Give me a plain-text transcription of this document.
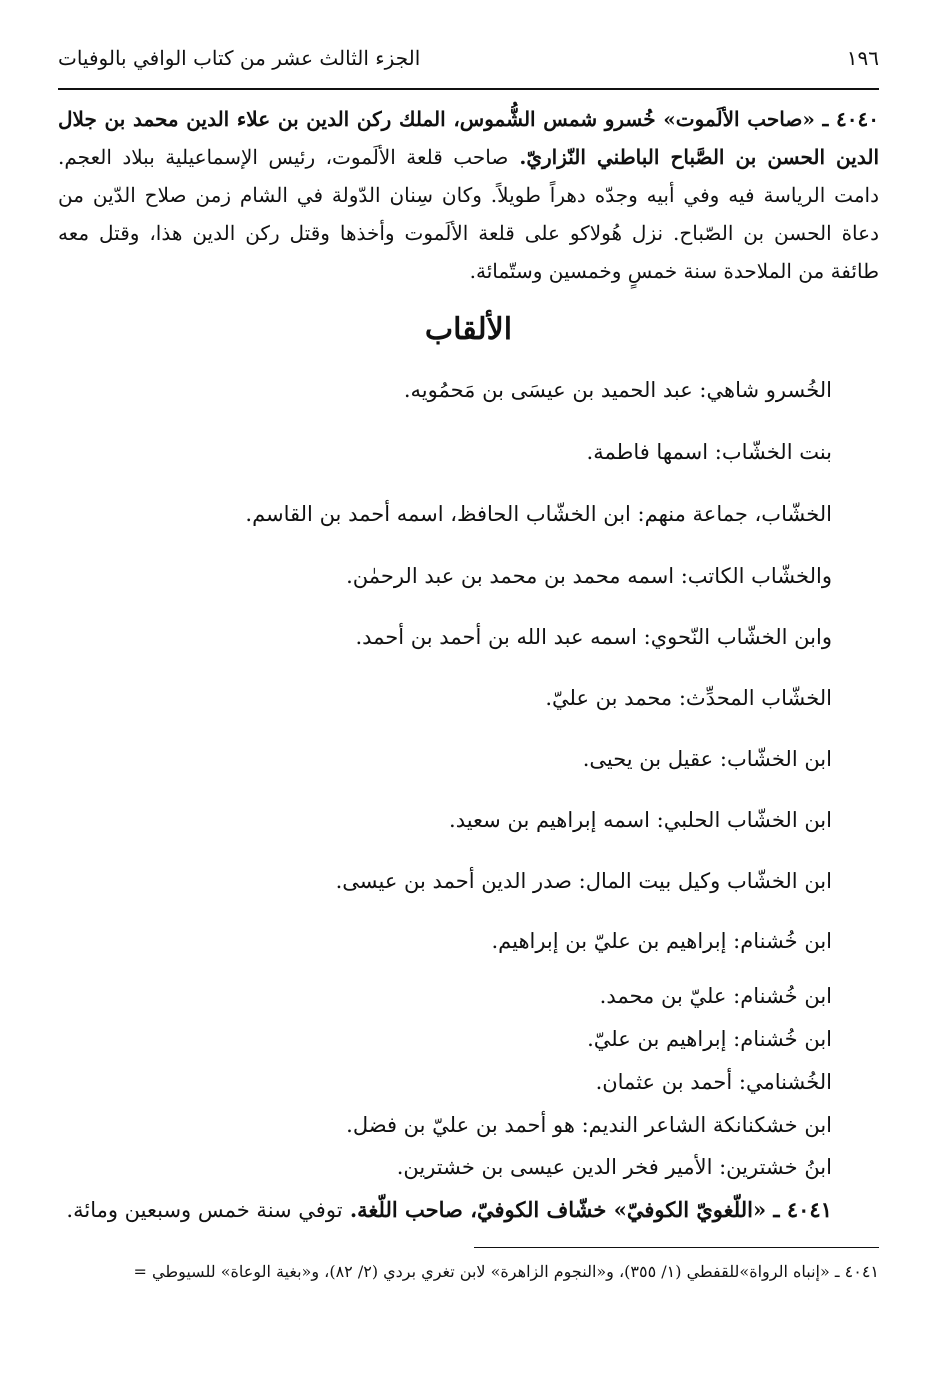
١٩٦
الجزء الثالث عشر من كتاب الوافي بالوفيات
٤٠٤٠ ـ «صاحب الألَموت» خُسرو شمس الشُّموس، الملك ركن الدين بن علاء الدين محمد بن جلال الدين الحسن بن الصَّباح الباطني النّزاريّ. صاحب قلعة الألَموت، رئيس الإسماعيلية ببلاد العجم. دامت الرياسة فيه وفي أبيه وجدّه دهراً طويلاً. وكان سِنان الدّولة في الشام زمن صلاح الدّين من دعاة الحسن بن الصّباح. نزل هُولاكو على قلعة الألَموت وأخذها وقتل ركن الدين هذا، وقتل معه طائفة من الملاحدة سنة خمسٍ وخمسين وستّمائة.
الألقاب
الخُسرو شاهي: عبد الحميد بن عيسَى بن مَحمُويه.
بنت الخشّاب: اسمها فاطمة.
الخشّاب، جماعة منهم: ابن الخشّاب الحافظ، اسمه أحمد بن القاسم.
والخشّاب الكاتب: اسمه محمد بن محمد بن عبد الرحمٰن.
وابن الخشّاب النّحوي: اسمه عبد الله بن أحمد بن أحمد.
الخشّاب المحدِّث: محمد بن عليّ.
ابن الخشّاب: عقيل بن يحيى.
ابن الخشّاب الحلبي: اسمه إبراهيم بن سعيد.
ابن الخشّاب وكيل بيت المال: صدر الدين أحمد بن عيسى.
ابن خُشنام: إبراهيم بن عليّ بن إبراهيم.
ابن خُشنام: عليّ بن محمد.
ابن خُشنام: إبراهيم بن عليّ.
الخُشنامي: أحمد بن عثمان.
ابن خشكنانكة الشاعر النديم: هو أحمد بن عليّ بن فضل.
ابنُ خشترين: الأمير فخر الدين عيسى بن خشترين.
٤٠٤١ ـ «اللّغويّ الكوفيّ» خشّاف الكوفيّ، صاحب اللّغة. توفي سنة خمس وسبعين ومائة.
٤٠٤١ ـ «إنباه الرواة»للقفطي (١/ ٣٥٥)، و«النجوم الزاهرة» لابن تغري بردي (٢/ ٨٢)، و«بغية الوعاة» للسيوطي =
